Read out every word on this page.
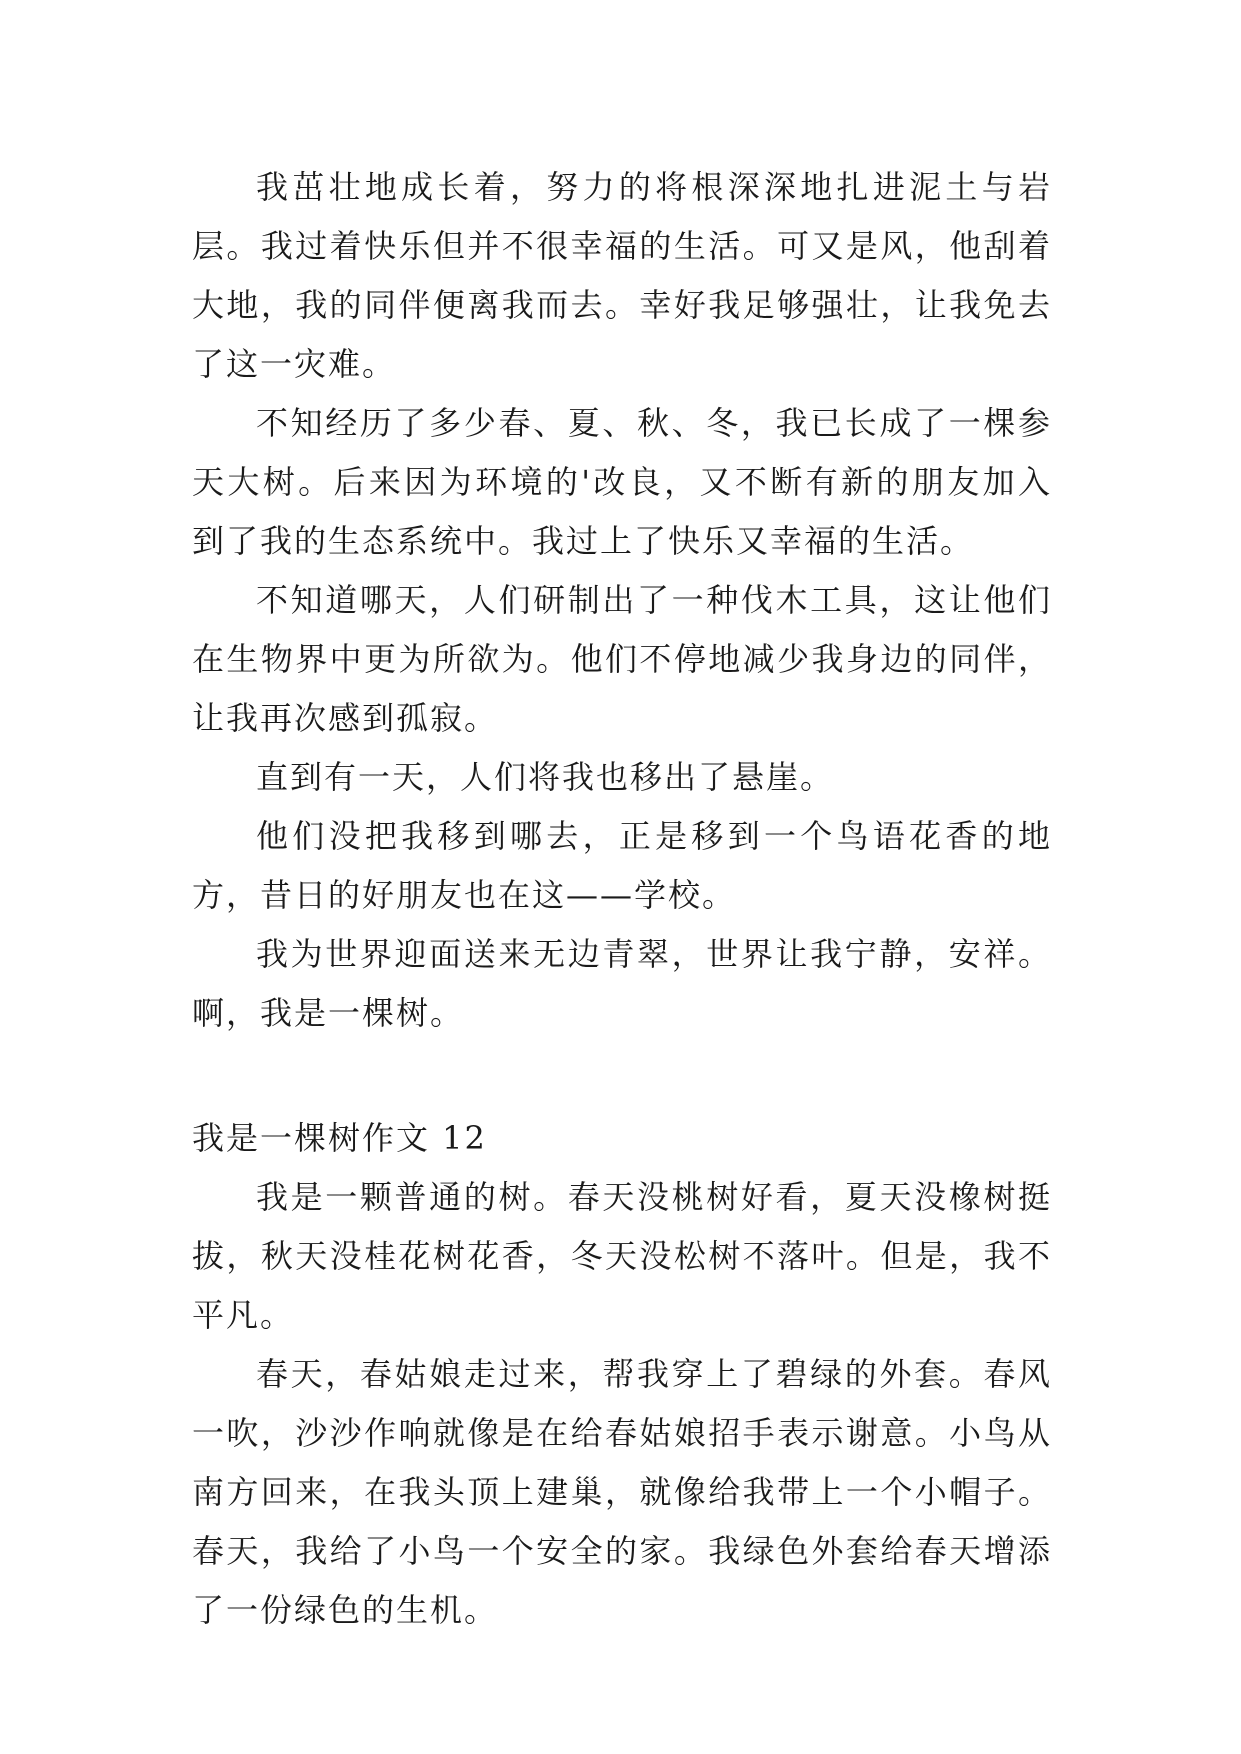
我茁壮地成长着，努力的将根深深地扎进泥土与岩层。我过着快乐但并不很幸福的生活。可又是风，他刮着大地，我的同伴便离我而去。幸好我足够强壮，让我免去了这一灾难。

不知经历了多少春、夏、秋、冬，我已长成了一棵参天大树。后来因为环境的'改良，又不断有新的朋友加入到了我的生态系统中。我过上了快乐又幸福的生活。

不知道哪天，人们研制出了一种伐木工具，这让他们在生物界中更为所欲为。他们不停地减少我身边的同伴，让我再次感到孤寂。

直到有一天，人们将我也移出了悬崖。

他们没把我移到哪去，正是移到一个鸟语花香的地方，昔日的好朋友也在这——学校。

我为世界迎面送来无边青翠，世界让我宁静，安祥。啊，我是一棵树。

我是一棵树作文 12

我是一颗普通的树。春天没桃树好看，夏天没橡树挺拔，秋天没桂花树花香，冬天没松树不落叶。但是，我不平凡。

春天，春姑娘走过来，帮我穿上了碧绿的外套。春风一吹，沙沙作响就像是在给春姑娘招手表示谢意。小鸟从南方回来，在我头顶上建巢，就像给我带上一个小帽子。春天，我给了小鸟一个安全的家。我绿色外套给春天增添了一份绿色的生机。
